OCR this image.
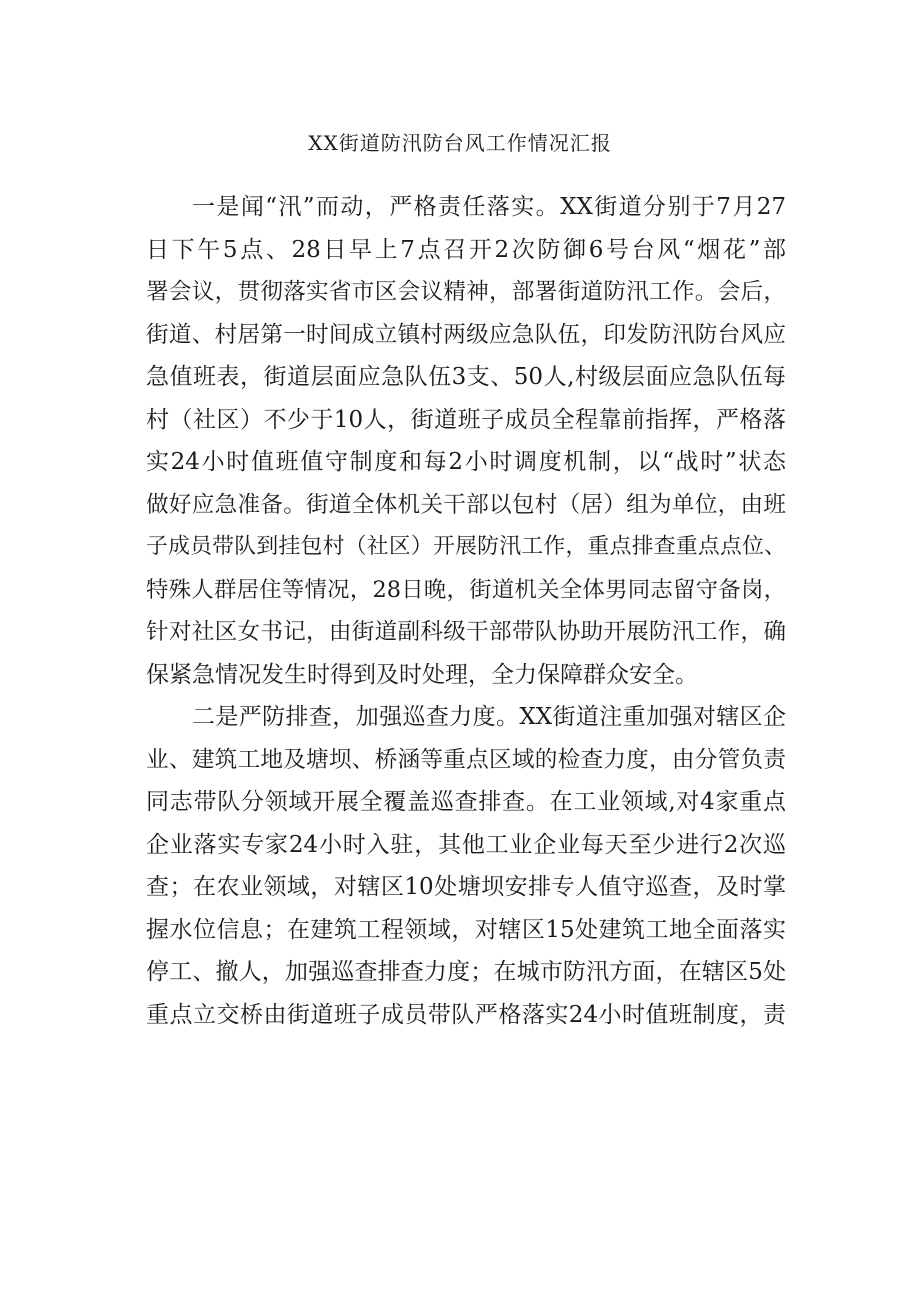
XX街道防汛防台风工作情况汇报
一是闻“汛”而动，严格责任落实。XX街道分别于7月27
日下午5点、28日早上7点召开2次防御6号台风“烟花”部
署会议，贯彻落实省市区会议精神，部署街道防汛工作。会后，
街道、村居第一时间成立镇村两级应急队伍，印发防汛防台风应
急值班表，街道层面应急队伍3支、50人,村级层面应急队伍每
村（社区）不少于10人，街道班子成员全程靠前指挥，严格落
实24小时值班值守制度和每2小时调度机制，以“战时”状态
做好应急准备。街道全体机关干部以包村（居）组为单位，由班
子成员带队到挂包村（社区）开展防汛工作，重点排查重点点位、
特殊人群居住等情况，28日晚，街道机关全体男同志留守备岗，
针对社区女书记，由街道副科级干部带队协助开展防汛工作，确
保紧急情况发生时得到及时处理，全力保障群众安全。
二是严防排查，加强巡查力度。XX街道注重加强对辖区企
业、建筑工地及塘坝、桥涵等重点区域的检查力度，由分管负责
同志带队分领域开展全覆盖巡查排查。在工业领域,对4家重点
企业落实专家24小时入驻，其他工业企业每天至少进行2次巡
查；在农业领域，对辖区10处塘坝安排专人值守巡查，及时掌
握水位信息；在建筑工程领域，对辖区15处建筑工地全面落实
停工、撤人，加强巡查排查力度；在城市防汛方面，在辖区5处
重点立交桥由街道班子成员带队严格落实24小时值班制度，责
